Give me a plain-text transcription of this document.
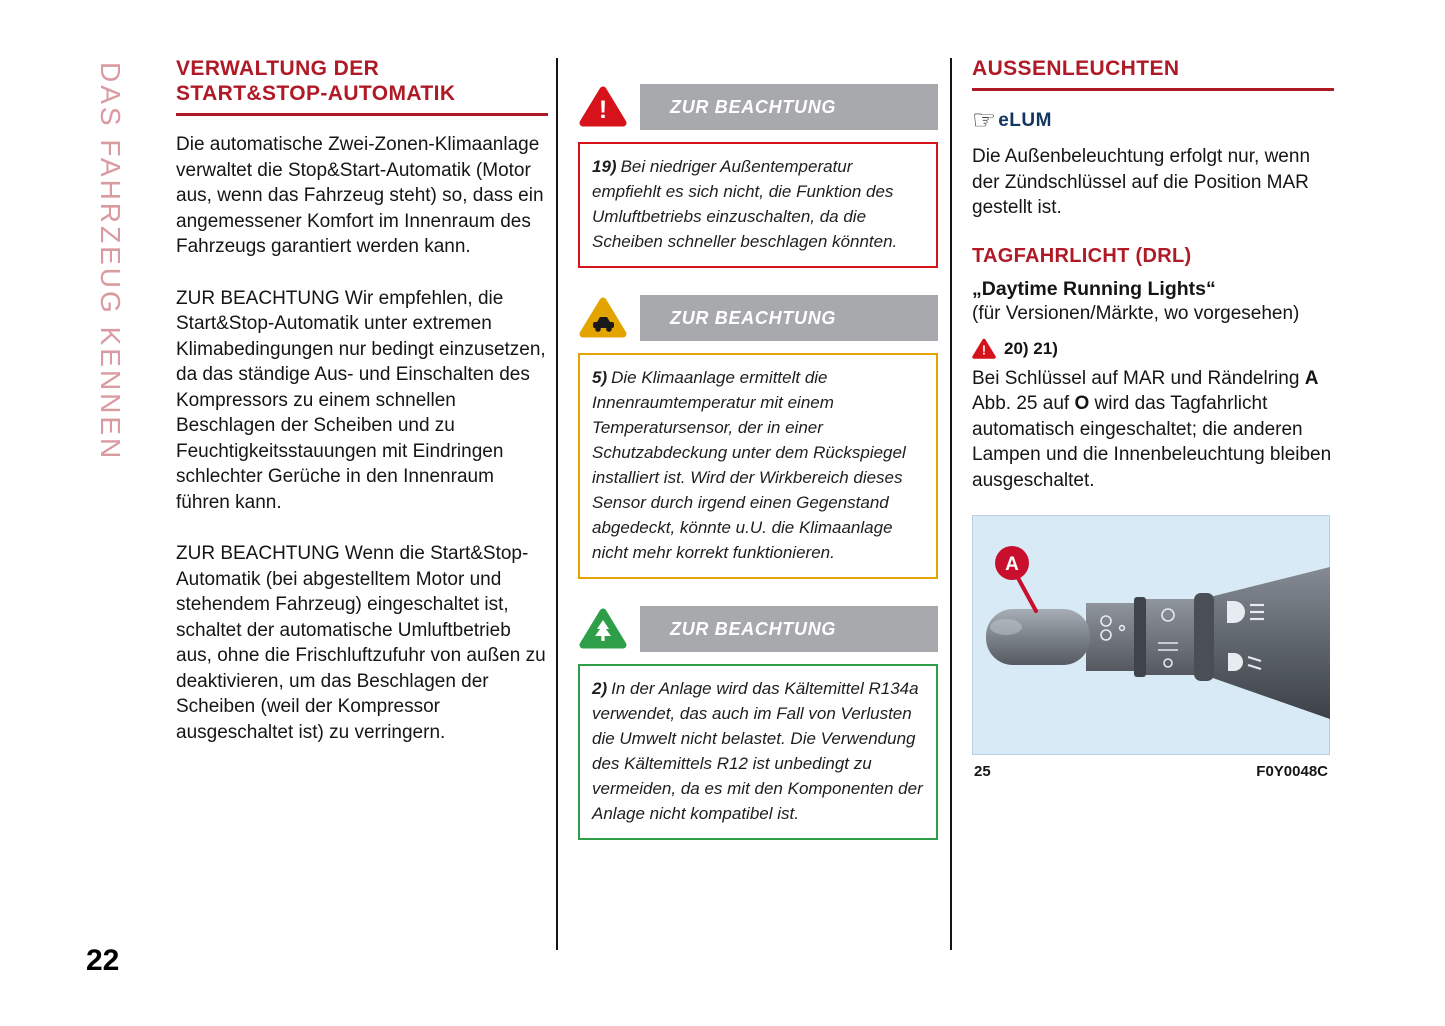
DAS FAHRZEUG KENNEN
22
VERWALTUNG DER
START&STOP-AUTOMATIK

Die automatische Zwei-Zonen-Klimaanlage verwaltet die Stop&Start-Automatik (Motor aus, wenn das Fahrzeug steht) so, dass ein angemessener Komfort im Innenraum des Fahrzeugs garantiert werden kann.

ZUR BEACHTUNG Wir empfehlen, die Start&Stop-Automatik unter extremen Klimabedingungen nur bedingt einzusetzen, da das ständige Aus- und Einschalten des Kompressors zu einem schnellen Beschlagen der Scheiben und zu Feuchtigkeitsstauungen mit Eindringen schlechter Gerüche in den Innenraum führen kann.

ZUR BEACHTUNG Wenn die Start&Stop-Automatik (bei abgestelltem Motor und stehendem Fahrzeug) eingeschaltet ist, schaltet der automatische Umluftbetrieb aus, ohne die Frischluftzufuhr von außen zu deaktivieren, um das Beschlagen der Scheiben (weil der Kompressor ausgeschaltet ist) zu verringern.

!	ZUR BEACHTUNG
19) Bei niedriger Außentemperatur empfiehlt es sich nicht, die Funktion des Umluftbetriebs einzuschalten, da die Scheiben schneller beschlagen könnten.
ZUR BEACHTUNG
5) Die Klimaanlage ermittelt die Innenraumtemperatur mit einem Temperatursensor, der in einer Schutzabdeckung unter dem Rückspiegel installiert ist. Wird der Wirkbereich dieses Sensor durch irgend einen Gegenstand abgedeckt, könnte u.U. die Klimaanlage nicht mehr korrekt funktionieren.
ZUR BEACHTUNG
2) In der Anlage wird das Kältemittel R134a verwendet, das auch im Fall von Verlusten die Umwelt nicht belastet. Die Verwendung des Kältemittels R12 ist unbedingt zu vermeiden, da es mit den Komponenten der Anlage nicht kompatibel ist.
AUSSENLEUCHTEN
☞ eLUM

Die Außenbeleuchtung erfolgt nur, wenn der Zündschlüssel auf die Position MAR gestellt ist.

TAGFAHRLICHT (DRL)
„Daytime Running Lights“
(für Versionen/Märkte, wo vorgesehen)
! 20) 21)

Bei Schlüssel auf MAR und Rändelring A Abb. 25 auf O wird das Tagfahrlicht automatisch eingeschaltet; die anderen Lampen und die Innenbeleuchtung bleiben ausgeschaltet.

A
25	F0Y0048C
